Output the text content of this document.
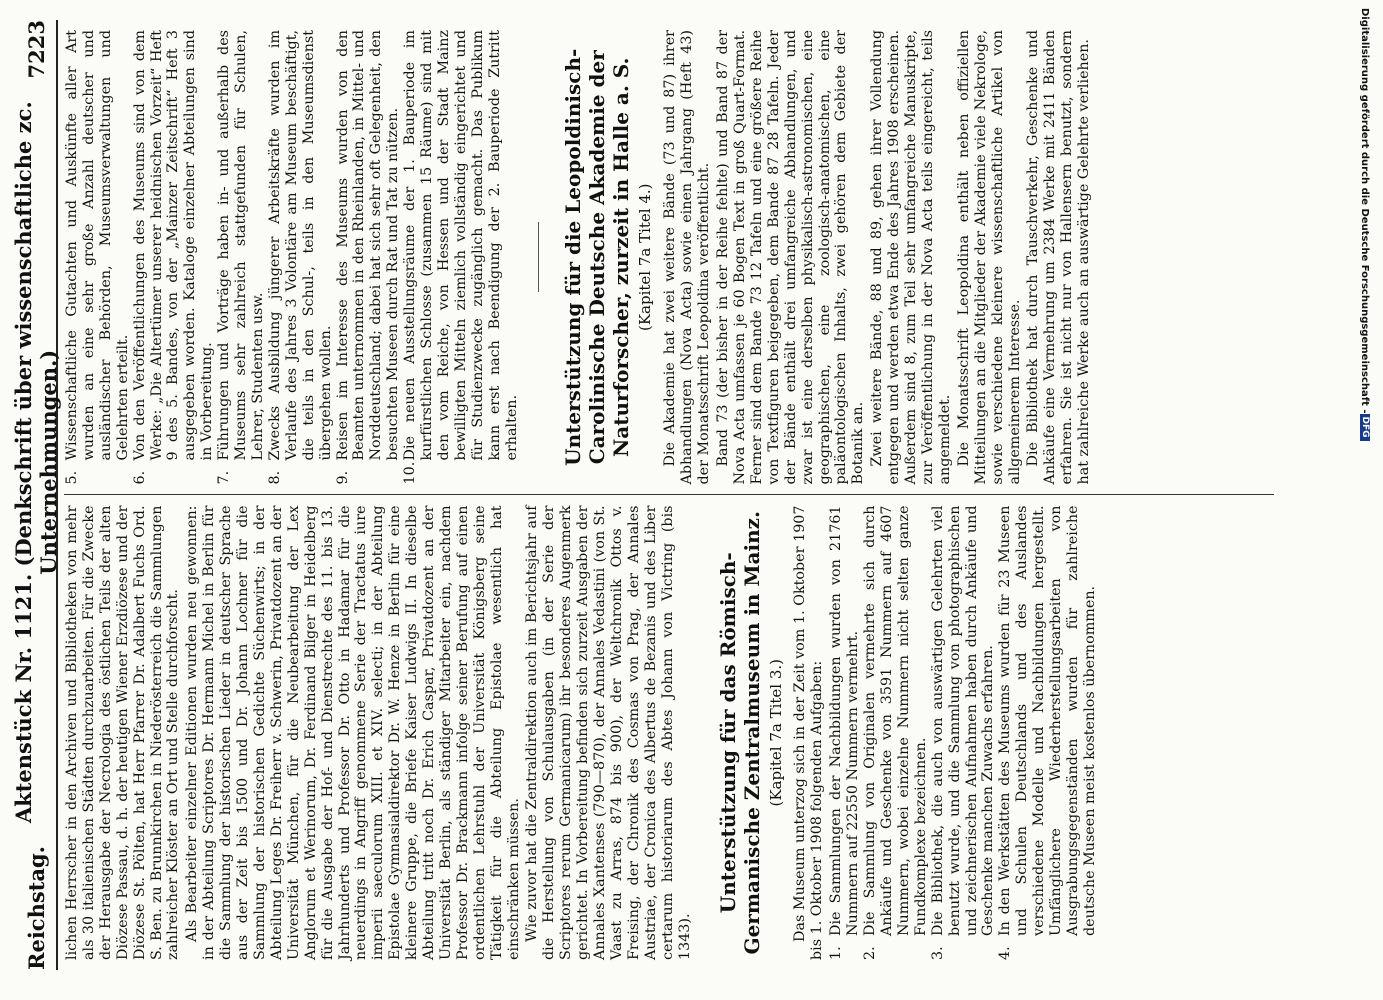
Reichstag.
Aktenstück Nr. 1121. (Denkschrift über wissenschaftliche zc. Unternehmungen.)
7223

lichen Herrscher in den Archiven und Bibliotheken von mehr als 30 italienischen Städten durchzuarbeiten. Für die Zwecke der Herausgabe der Necrologia des östlichen Teils der alten Diözese Passau, d. h. der heutigen Wiener Erzdiözese und der Diözese St. Pölten, hat Herr Pfarrer Dr. Adalbert Fuchs Ord. S. Ben. zu Brunnkirchen in Niederösterreich die Sammlungen zahlreicher Klöster an Ort und Stelle durchforscht. Als Bearbeiter einzelner Editionen wurden neu gewonnen: in der Abteilung Scriptores Dr. Hermann Michel in Berlin für die Sammlung der historischen Lieder in deutscher Sprache aus der Zeit bis 1500 und Dr. Johann Lochner für die Sammlung der historischen Gedichte Süchenwirts; in der Abteilung Leges Dr. Freiherr v. Schwerin, Privatdozent an der Universität München, für die Neubearbeitung der Lex Anglorum et Werinorum, Dr. Ferdinand Bilger in Heidelberg für die Ausgabe der Hof- und Dienstrechte des 11. bis 13. Jahrhunderts und Professor Dr. Otto in Hadamar für die neuerdings in Angriff genommene Serie der Tractatus iure imperii saeculorum XIII. et XIV. selecti; in der Abteilung Epistolae Gymnasialdirektor Dr. W. Henze in Berlin für eine kleinere Gruppe, die Briefe Kaiser Ludwigs II. In dieselbe Abteilung tritt noch Dr. Erich Caspar, Privatdozent an der Universität Berlin, als ständiger Mitarbeiter ein, nachdem Professor Dr. Brackmann infolge seiner Berufung auf einen ordentlichen Lehrstuhl der Universität Königsberg seine Tätigkeit für die Abteilung Epistolae wesentlich hat einschränken müssen. Wie zuvor hat die Zentraldirektion auch im Berichtsjahr auf die Herstellung von Schulausgaben (in der Serie der Scriptores rerum Germanicarum) ihr besonderes Augenmerk gerichtet. In Vorbereitung befinden sich zurzeit Ausgaben der Annales Xantenses (790—870), der Annales Vedastini (von St. Vaast zu Arras, 874 bis 900), der Weltchronik Ottos v. Freising, der Chronik des Cosmas von Prag, der Annales Austriae, der Cronica des Albertus de Bezanis und des Liber certarum historiarum des Abtes Johann von Victring (bis 1343).

Unterstützung für das Römisch-Germanische Zentralmuseum in Mainz. (Kapitel 7a Titel 3.) Das Museum unterzog sich in der Zeit vom 1. Oktober 1907 bis 1. Oktober 1908 folgenden Aufgaben: 1.
Die Sammlungen der Nachbildungen wurden von 21761 Nummern auf 22550 Nummern vermehrt.
2.
Die Sammlung von Originalen vermehrte sich durch Ankäufe und Geschenke von 3591 Nummern auf 4607 Nummern, wobei einzelne Nummern nicht selten ganze Fundkomplexe bezeichnen.
3.
Die Bibliothek, die auch von auswärtigen Gelehrten viel benutzt wurde, und die Sammlung von photographischen und zeichnerischen Aufnahmen haben durch Ankäufe und Geschenke manchen Zuwachs erfahren.
4.
In den Werkstätten des Museums wurden für 23 Museen und Schulen Deutschlands und des Auslandes verschiedene Modelle und Nachbildungen hergestellt. Umfänglichere Wiederherstellungsarbeiten von Ausgrabungsgegenständen wurden für zahlreiche deutsche Museen meist kostenlos übernommen.
5.
Wissenschaftliche Gutachten und Auskünfte aller Art wurden an eine sehr große Anzahl deutscher und ausländischer Behörden, Museumsverwaltungen und Gelehrten erteilt.
6.
Von den Veröffentlichungen des Museums sind von dem Werke: „Die Altertümer unserer heidnischen Vorzeit“ Heft 9 des 5. Bandes, von der „Mainzer Zeitschrift“ Heft 3 ausgegeben worden. Kataloge einzelner Abteilungen sind in Vorbereitung.
7.
Führungen und Vorträge haben in- und außerhalb des Museums sehr zahlreich stattgefunden für Schulen, Lehrer, Studenten usw.
8.
Zwecks Ausbildung jüngerer Arbeitskräfte wurden im Verlaufe des Jahres 3 Volontäre am Museum beschäftigt, die teils in den Schul-, teils in den Museumsdienst übergehen wollen.
9.
Reisen im Interesse des Museums wurden von den Beamten unternommen in den Rheinlanden, in Mittel- und Norddeutschland; dabei hat sich sehr oft Gelegenheit, den besuchten Museen durch Rat und Tat zu nützen.
10.
Die neuen Ausstellungsräume der 1. Bauperiode im kurfürstlichen Schlosse (zusammen 15 Räume) sind mit den vom Reiche, von Hessen und der Stadt Mainz bewilligten Mitteln ziemlich vollständig eingerichtet und für Studienzwecke zugänglich gemacht. Das Publikum kann erst nach Beendigung der 2. Bauperiode Zutritt erhalten. Unterstützung für die Leopoldinisch-Carolinische Deutsche Akademie der Naturforscher, zurzeit in Halle a. S. (Kapitel 7a Titel 4.) Die Akademie hat zwei weitere Bände (73 und 87) ihrer Abhandlungen (Nova Acta) sowie einen Jahrgang (Heft 43) der Monatsschrift Leopoldina veröffentlicht. Band 73 (der bisher in der Reihe fehlte) und Band 87 der Nova Acta umfassen je 60 Bogen Text in groß Quart-Format. Ferner sind dem Bande 73 12 Tafeln und eine größere Reihe von Textfiguren beigegeben, dem Bande 87 28 Tafeln. Jeder der Bände enthält drei umfangreiche Abhandlungen, und zwar ist eine derselben physikalisch-astronomischen, eine geographischen, eine zoologisch-anatomischen, eine paläontologischen Inhalts, zwei gehören dem Gebiete der Botanik an. Zwei weitere Bände, 88 und 89, gehen ihrer Vollendung entgegen und werden etwa Ende des Jahres 1908 erscheinen. Außerdem sind 8, zum Teil sehr umfangreiche Manuskripte, zur Veröffentlichung in der Nova Acta teils eingereicht, teils angemeldet. Die Monatsschrift Leopoldina enthält neben offiziellen Mitteilungen an die Mitglieder der Akademie viele Nekrologe, sowie verschiedene kleinere wissenschaftliche Artikel von allgemeinerem Interesse. Die Bibliothek hat durch Tauschverkehr, Geschenke und Ankäufe eine Vermehrung um 2384 Werke mit 2411 Bänden erfahren. Sie ist nicht nur von Hallensern benutzt, sondern hat zahlreiche Werke auch an auswärtige Gelehrte verliehen.	Digitalisierung gefördert durch die Deutsche Forschungsgemeinschaft -
DFG
